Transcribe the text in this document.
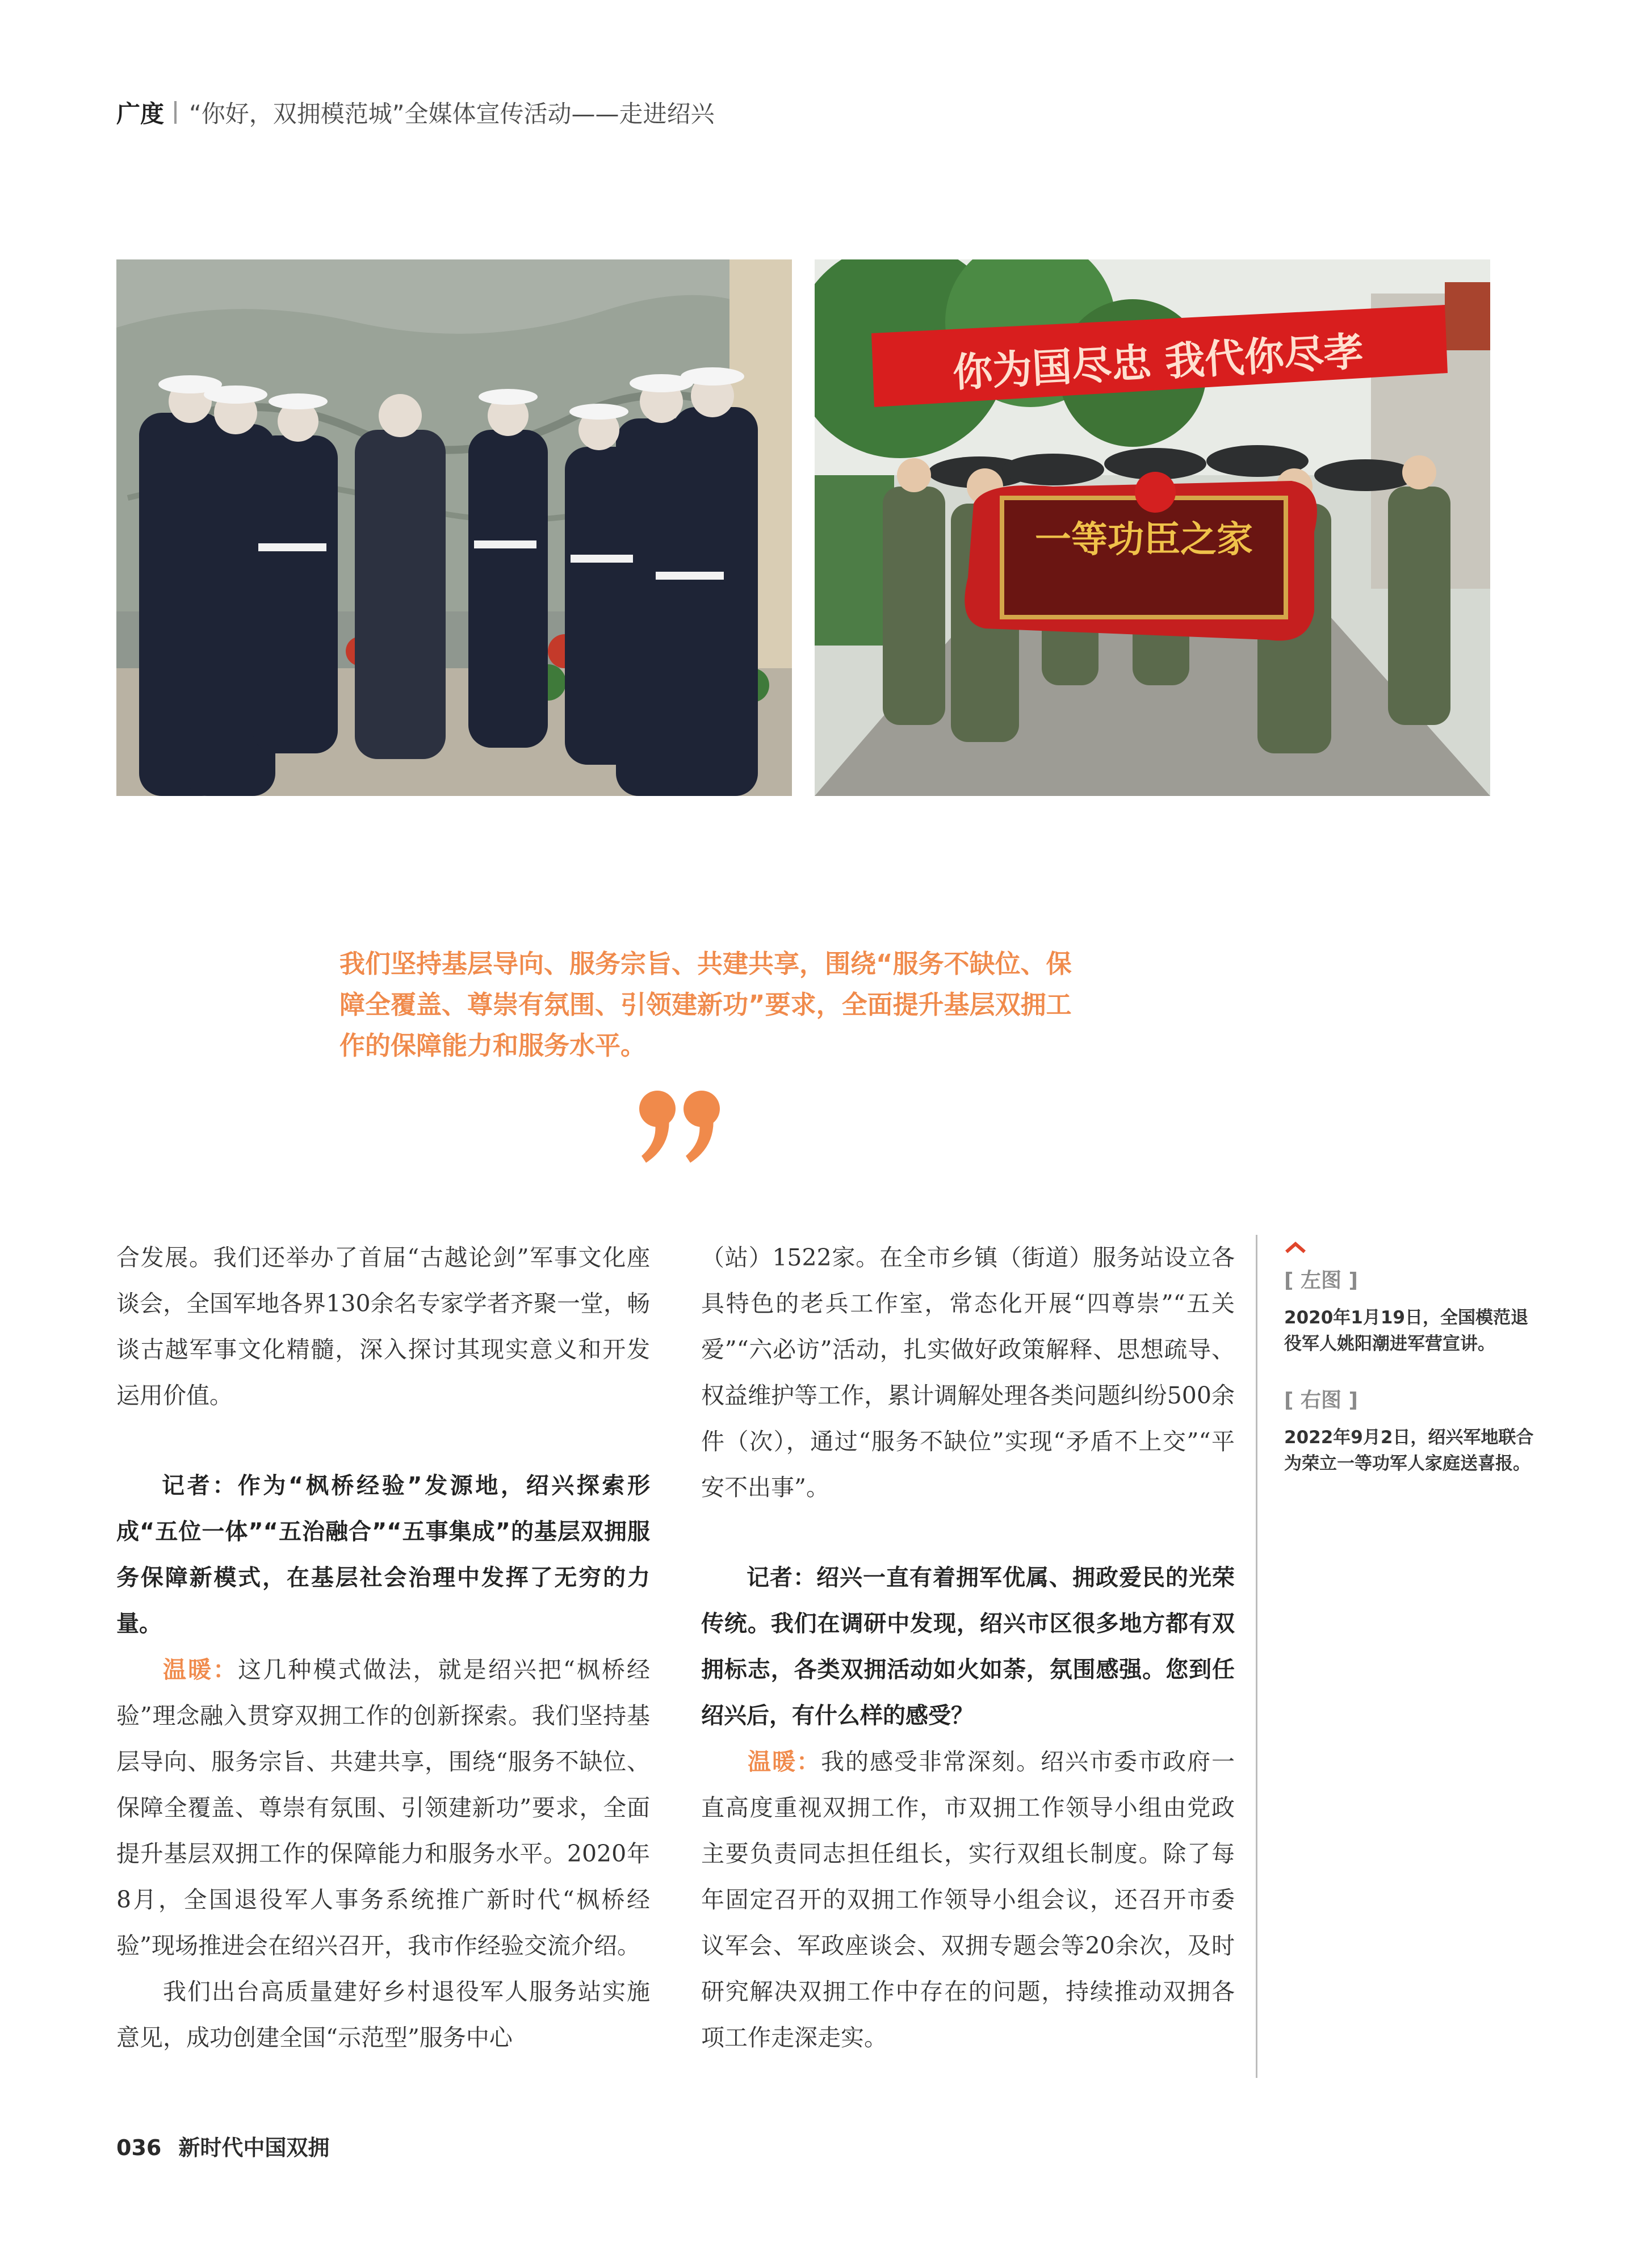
广度 “你好，双拥模范城”全媒体宣传活动——走进绍兴
你为国尽忠 我代你尽孝
一等功臣之家
我们坚持基层导向、服务宗旨、共建共享，围绕“服务不缺位、保障全覆盖、尊崇有氛围、引领建新功”要求，全面提升基层双拥工作的保障能力和服务水平。

合发展。我们还举办了首届“古越论剑”军事文化座谈会，全国军地各界130余名专家学者齐聚一堂，畅谈古越军事文化精髓，深入探讨其现实意义和开发运用价值。

记者：作为“枫桥经验”发源地，绍兴探索形成“五位一体”“五治融合”“五事集成”的基层双拥服务保障新模式，在基层社会治理中发挥了无穷的力量。

温暖：这几种模式做法，就是绍兴把“枫桥经验”理念融入贯穿双拥工作的创新探索。我们坚持基层导向、服务宗旨、共建共享，围绕“服务不缺位、保障全覆盖、尊崇有氛围、引领建新功”要求，全面提升基层双拥工作的保障能力和服务水平。2020年8月，全国退役军人事务系统推广新时代“枫桥经验”现场推进会在绍兴召开，我市作经验交流介绍。

我们出台高质量建好乡村退役军人服务站实施意见，成功创建全国“示范型”服务中心

（站）1522家。在全市乡镇（街道）服务站设立各具特色的老兵工作室，常态化开展“四尊崇”“五关爱”“六必访”活动，扎实做好政策解释、思想疏导、权益维护等工作，累计调解处理各类问题纠纷500余件（次），通过“服务不缺位”实现“矛盾不上交”“平安不出事”。

记者：绍兴一直有着拥军优属、拥政爱民的光荣传统。我们在调研中发现，绍兴市区很多地方都有双拥标志，各类双拥活动如火如荼，氛围感强。您到任绍兴后，有什么样的感受？

温暖：我的感受非常深刻。绍兴市委市政府一直高度重视双拥工作，市双拥工作领导小组由党政主要负责同志担任组长，实行双组长制度。除了每年固定召开的双拥工作领导小组会议，还召开市委议军会、军政座谈会、双拥专题会等20余次，及时研究解决双拥工作中存在的问题，持续推动双拥各项工作走深走实。

[ 左图 ]
2020年1月19日，全国模范退役军人姚阳潮进军营宣讲。
[ 右图 ]
2022年9月2日，绍兴军地联合为荣立一等功军人家庭送喜报。
036 新时代中国双拥
